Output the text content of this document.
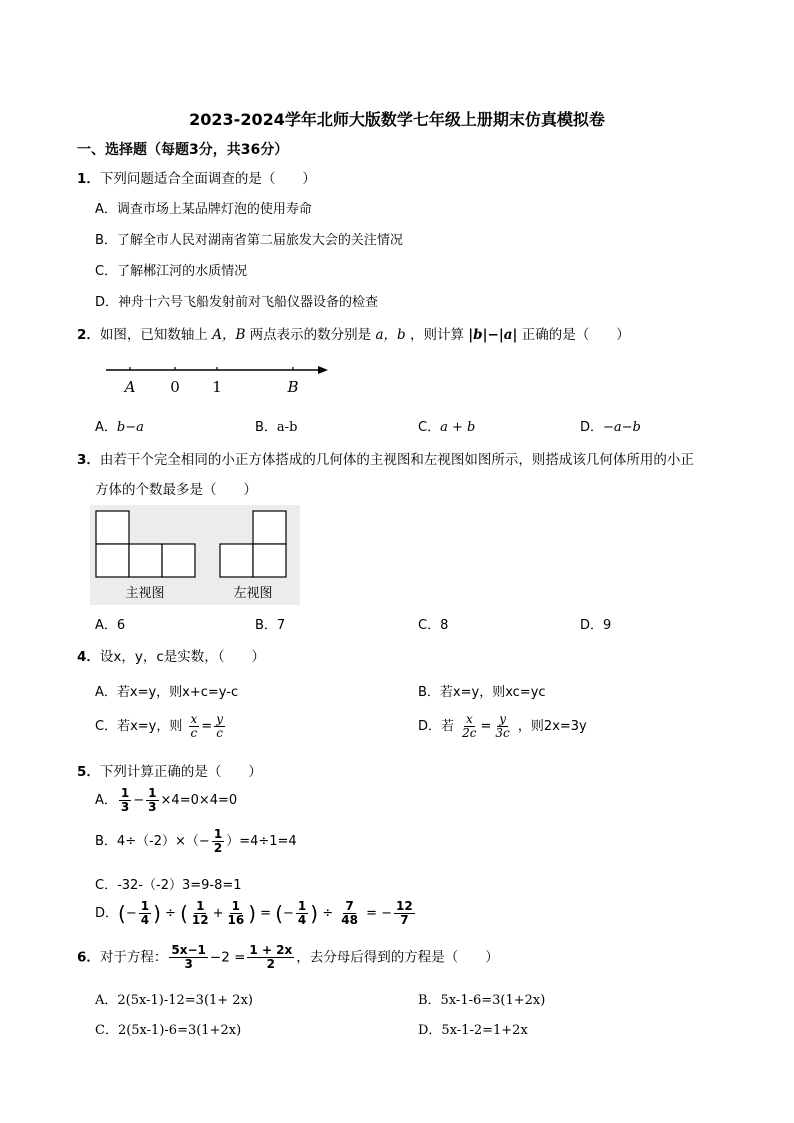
2023-2024学年北师大版数学七年级上册期末仿真模拟卷
一、选择题（每题3分，共36分）
1．下列问题适合全面调查的是（　　）
A．调查市场上某品牌灯泡的使用寿命
B．了解全市人民对湖南省第二届旅发大会的关注情况
C．了解郴江河的水质情况
D．神舟十六号飞船发射前对飞船仪器设备的检查
2．如图，已知数轴上 A，B 两点表示的数分别是 a，b ，则计算 |b|−|a| 正确的是（　　）
A 0 1	B
A．b−a	B．a-b	C．a + b	D．−a−b
3．由若干个完全相同的小正方体搭成的几何体的主视图和左视图如图所示，则搭成该几何体所用的小正
方体的个数最多是（　　）
主视图	左视图
A．6	B．7	C．8	D．9
4．设x，y，c是实数，（　　）
A．若x=y，则x+c=y-c	B．若x=y，则xc=yc
C．若x=y，则 $\frac{x}{c} = \frac{y}{c}$	D．若 $\frac{x}{2c} = \frac{y}{3c}$ ，则2x=3y
5．下列计算正确的是（　　）
A． $\frac{1}{3} - \frac{1}{3} \times 4=0\times 4=0$
B．$4\div(-2)\times(- \frac{1}{2} )=4\div 1=4$
C．-32-（-2）3=9-8=1
D．(− $\frac{1}{4}$ ) ÷ ( $\frac{1}{12} + \frac{1}{16}$ ) = (− $\frac{1}{4}$ ) ÷ $\frac{7}{48}$ = − $\frac{12}{7}$
6．对于方程： $\frac{5x-1}{3} -2 = \frac{1 + 2x}{2}$ ，去分母后得到的方程是（　　）
A．2(5x-1)-12=3(1+ 2x)	B．5x-1-6=3(1+2x)
C．2(5x-1)-6=3(1+2x)	D．5x-1-2=1+2x
